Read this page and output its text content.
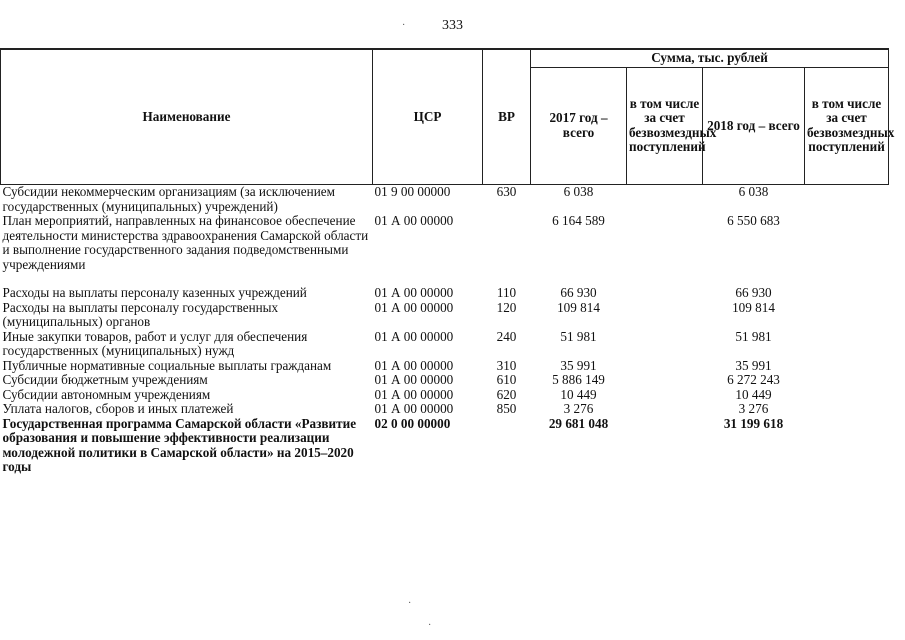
333
·
·
·
Наименование	ЦСР	ВР	Сумма, тыс. рублей			
			2017 год – всего	в том числе за счет безвозмездных поступлений	2018 год – всего	в том числе за счет безвозмездных поступлений
Субсидии некоммерческим организациям (за исключением государственных (муниципальных) учреждений)	01 9 00 00000	630	6 038		6 038	
План мероприятий, направленных на финансовое обеспечение деятельности министерства здравоохранения Самарской области и выполнение государственного задания подведомственными учреждениями	01 А 00 00000		6 164 589		6 550 683	
Расходы на выплаты персоналу казенных учреждений	01 А 00 00000	110	66 930		66 930	
Расходы на выплаты персоналу государственных (муниципальных) органов	01 А 00 00000	120	109 814		109 814	
Иные закупки товаров, работ и услуг для обеспечения государственных (муниципальных) нужд	01 А 00 00000	240	51 981		51 981	
Публичные нормативные социальные выплаты гражданам	01 А 00 00000	310	35 991		35 991	
Субсидии бюджетным учреждениям	01 А 00 00000	610	5 886 149		6 272 243	
Субсидии автономным учреждениям	01 А 00 00000	620	10 449		10 449	
Уплата налогов, сборов и иных платежей	01 А 00 00000	850	3 276		3 276	
Государственная программа Самарской области «Развитие образования и повышение эффективности реализации молодежной политики в Самарской области» на 2015–2020 годы	02 0 00 00000		29 681 048		31 199 618	
